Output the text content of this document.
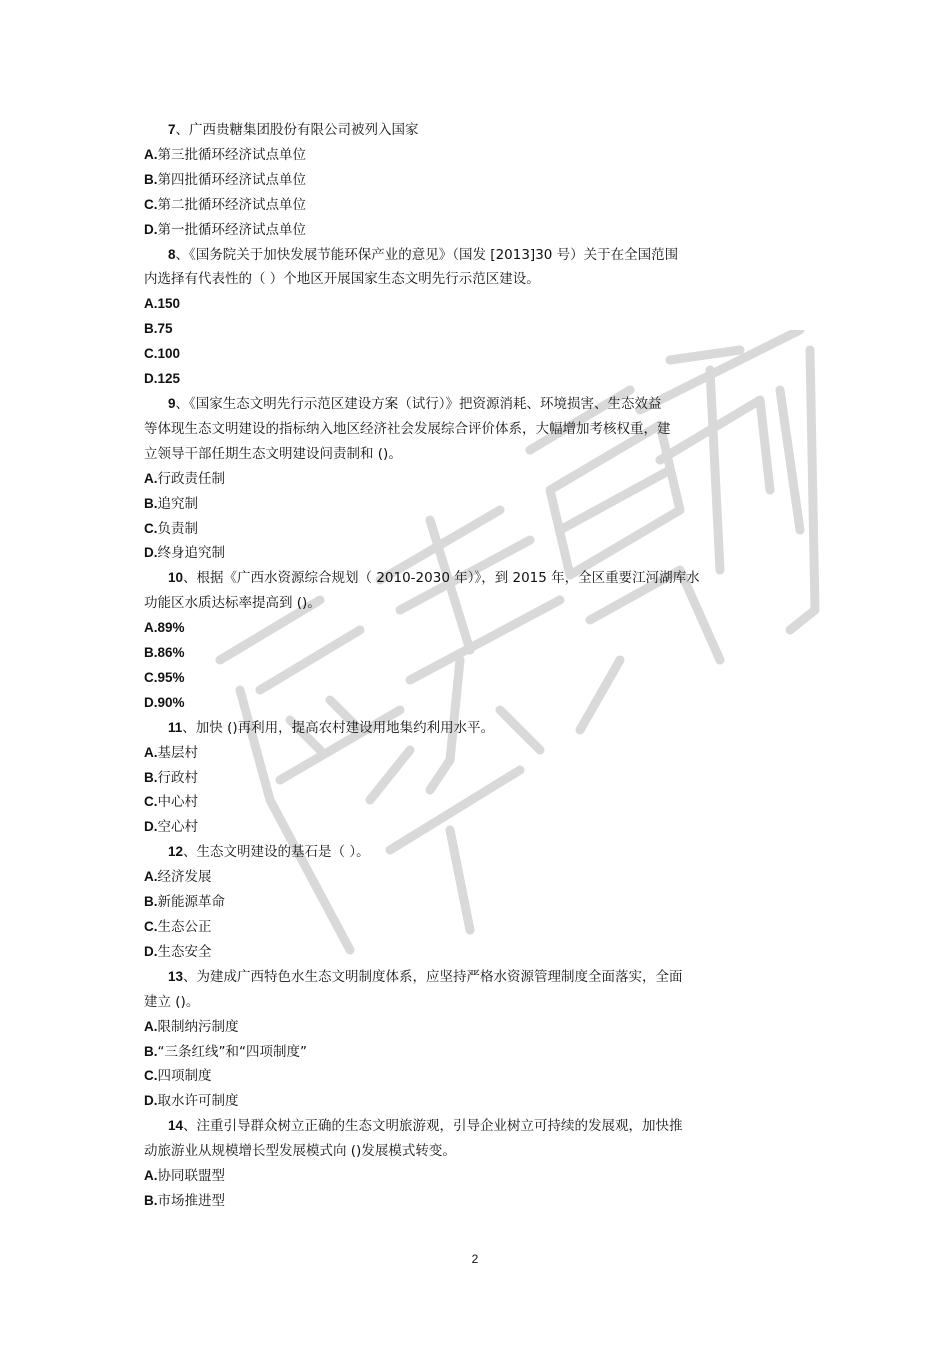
7、广西贵糖集团股份有限公司被列入国家
A.第三批循环经济试点单位
B.第四批循环经济试点单位
C.第二批循环经济试点单位
D.第一批循环经济试点单位
8、《国务院关于加快发展节能环保产业的意见》（国发 [2013]30 号）关于在全国范围
内选择有代表性的（ ）个地区开展国家生态文明先行示范区建设。
A.150
B.75
C.100
D.125
9、《国家生态文明先行示范区建设方案（试行）》把资源消耗、环境损害、生态效益
等体现生态文明建设的指标纳入地区经济社会发展综合评价体系，大幅增加考核权重，建
立领导干部任期生态文明建设问责制和 ()。
A.行政责任制
B.追究制
C.负责制
D.终身追究制
10、根据《广西水资源综合规划（ 2010-2030 年）》，到 2015 年，全区重要江河湖库水
功能区水质达标率提高到 ()。
A.89%
B.86%
C.95%
D.90%
11、加快 ()再利用，提高农村建设用地集约利用水平。
A.基层村
B.行政村
C.中心村
D.空心村
12、生态文明建设的基石是（ ）。
A.经济发展
B.新能源革命
C.生态公正
D.生态安全
13、为建成广西特色水生态文明制度体系，应坚持严格水资源管理制度全面落实，全面
建立 ()。
A.限制纳污制度
B.“三条红线”和“四项制度”
C.四项制度
D.取水许可制度
14、注重引导群众树立正确的生态文明旅游观，引导企业树立可持续的发展观，加快推
动旅游业从规模增长型发展模式向 ()发展模式转变。
A.协同联盟型
B.市场推进型
2
